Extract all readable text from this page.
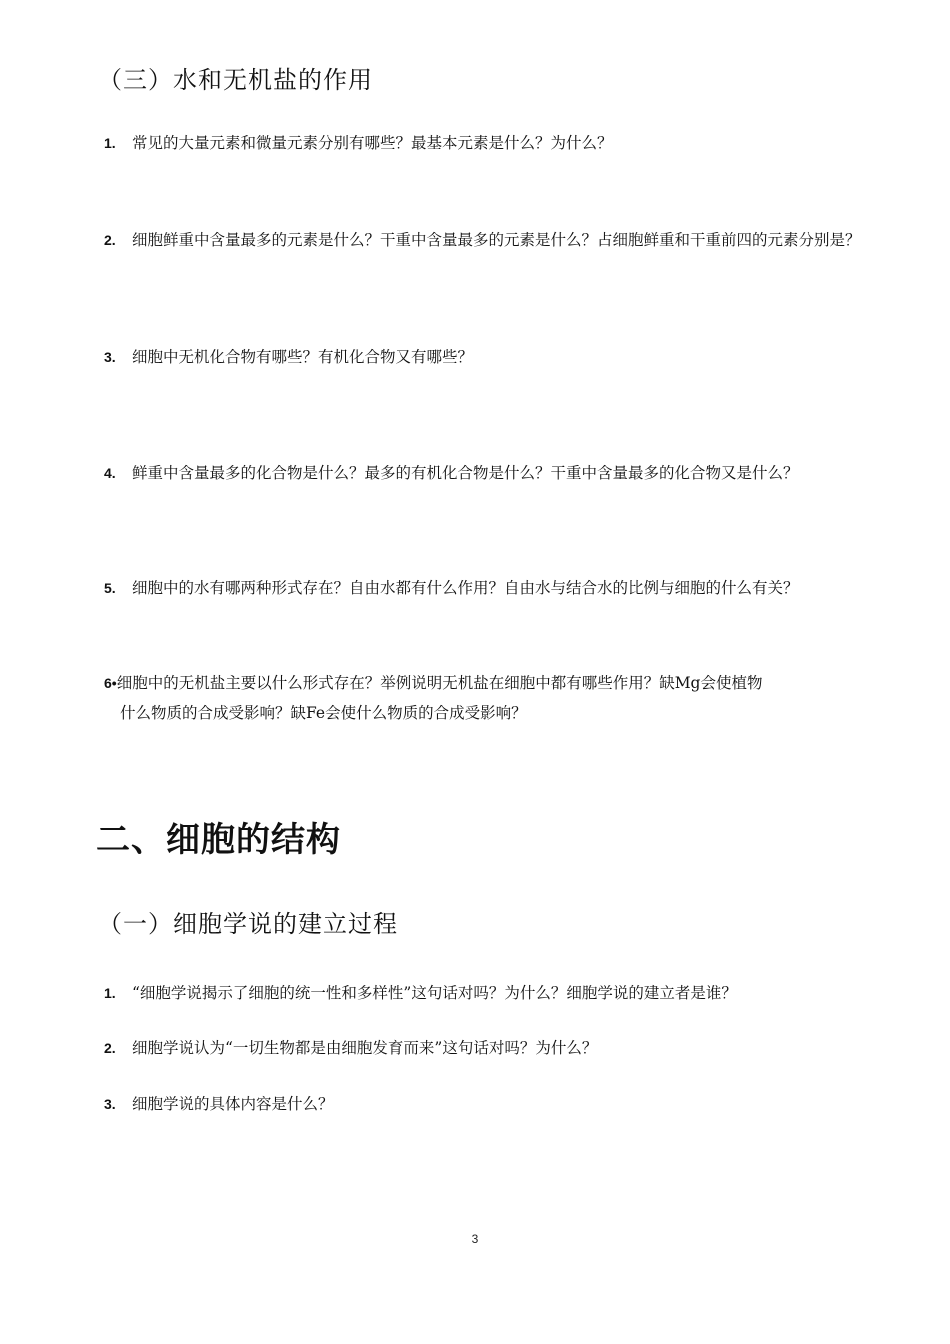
（三）水和无机盐的作用

1. 常见的大量元素和微量元素分别有哪些？最基本元素是什么？为什么？

2. 细胞鲜重中含量最多的元素是什么？干重中含量最多的元素是什么？占细胞鲜重和干重前四的元素分别是？

3. 细胞中无机化合物有哪些？有机化合物又有哪些？

4. 鲜重中含量最多的化合物是什么？最多的有机化合物是什么？干重中含量最多的化合物又是什么？

5. 细胞中的水有哪两种形式存在？自由水都有什么作用？自由水与结合水的比例与细胞的什么有关？

6•细胞中的无机盐主要以什么形式存在？举例说明无机盐在细胞中都有哪些作用？缺Mg会使植物
什么物质的合成受影响？缺Fe会使什么物质的合成受影响？

二、细胞的结构
（一）细胞学说的建立过程

1. “细胞学说揭示了细胞的统一性和多样性”这句话对吗？为什么？细胞学说的建立者是谁？

2. 细胞学说认为“一切生物都是由细胞发育而来”这句话对吗？为什么？

3. 细胞学说的具体内容是什么？

3
